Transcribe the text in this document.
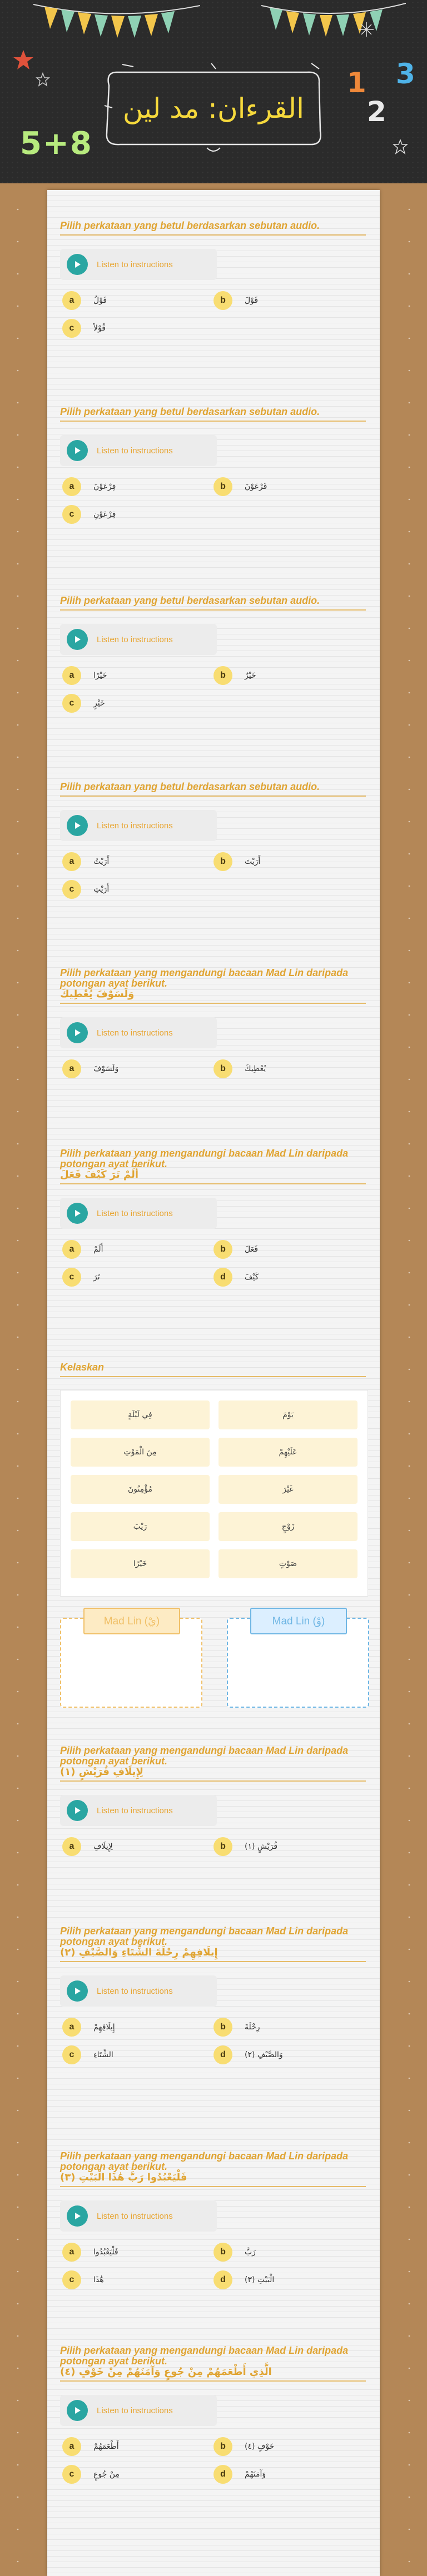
5+8
1
2
3
القرءان: مد لين
Pilih perkataan yang betul berdasarkan sebutan audio.
Listen to instructions
a	قَوْلُ	b	قَوْلَ
c	قُوْلاً
Pilih perkataan yang betul berdasarkan sebutan audio.
Listen to instructions
a	فِرْعَوْنَ	b	فَرْعَوْنَ
c	فِرْعَوْنِ
Pilih perkataan yang betul berdasarkan sebutan audio.
Listen to instructions
a	خَيْرًا	b	خَيْرٌ
c	خَيْرٍ
Pilih perkataan yang betul berdasarkan sebutan audio.
Listen to instructions
a	أَرَيْتُ	b	أَرَيْتَ
c	أَرَيْتِ
Pilih perkataan yang mengandungi bacaan Mad Lin daripada potongan ayat berikut.
وَلَسَوْفَ يُعْطِيكَ
Listen to instructions
a	وَلَسَوْفَ	b	يُعْطِيكَ
Pilih perkataan yang mengandungi bacaan Mad Lin daripada potongan ayat berikut.
أَلَمْ تَرَ كَيْفَ فَعَلَ
Listen to instructions
a	أَلَمْ	b	فَعَلَ
c	تَرَ	d	كَيْفَ
Kelaskan
فِي لَيْلَةٍ	يَوْمَ
مِنَ الْمَوْتِ	عَلَيْهِمْ
مُؤْمِنُونَ	غَيْرَ
رَيْبَ	زَوْجٍ
خَيْرًا	صَوْتٍ
Mad Lin (يْ)	Mad Lin (وْ)
Pilih perkataan yang mengandungi bacaan Mad Lin daripada potongan ayat berikut.
لِإِيلَافِ قُرَيْشٍ (١)
Listen to instructions
a	لِإِيلَافِ	b	قُرَيْشٍ (١)
Pilih perkataan yang mengandungi bacaan Mad Lin daripada potongan ayat berikut.
إِيلَافِهِمْ رِحْلَةَ الشِّتَاءِ وَالصَّيْفِ (٢)
Listen to instructions
a	إِيلَافِهِمْ	b	رِحْلَةَ
c	الشِّتَاءِ	d	وَالصَّيْفِ (٢)
Pilih perkataan yang mengandungi bacaan Mad Lin daripada potongan ayat berikut.
فَلْيَعْبُدُوا رَبَّ هَٰذَا الْبَيْتِ (٣)
Listen to instructions
a	فَلْيَعْبُدُوا	b	رَبَّ
c	هَٰذَا	d	الْبَيْتِ (٣)
Pilih perkataan yang mengandungi bacaan Mad Lin daripada potongan ayat berikut.
الَّذِي أَطْعَمَهُمْ مِنْ جُوعٍ وَآمَنَهُمْ مِنْ خَوْفٍ (٤)
Listen to instructions
a	أَطْعَمَهُمْ	b	خَوْفٍ (٤)
c	مِنْ جُوعٍ	d	وَآمَنَهُمْ
